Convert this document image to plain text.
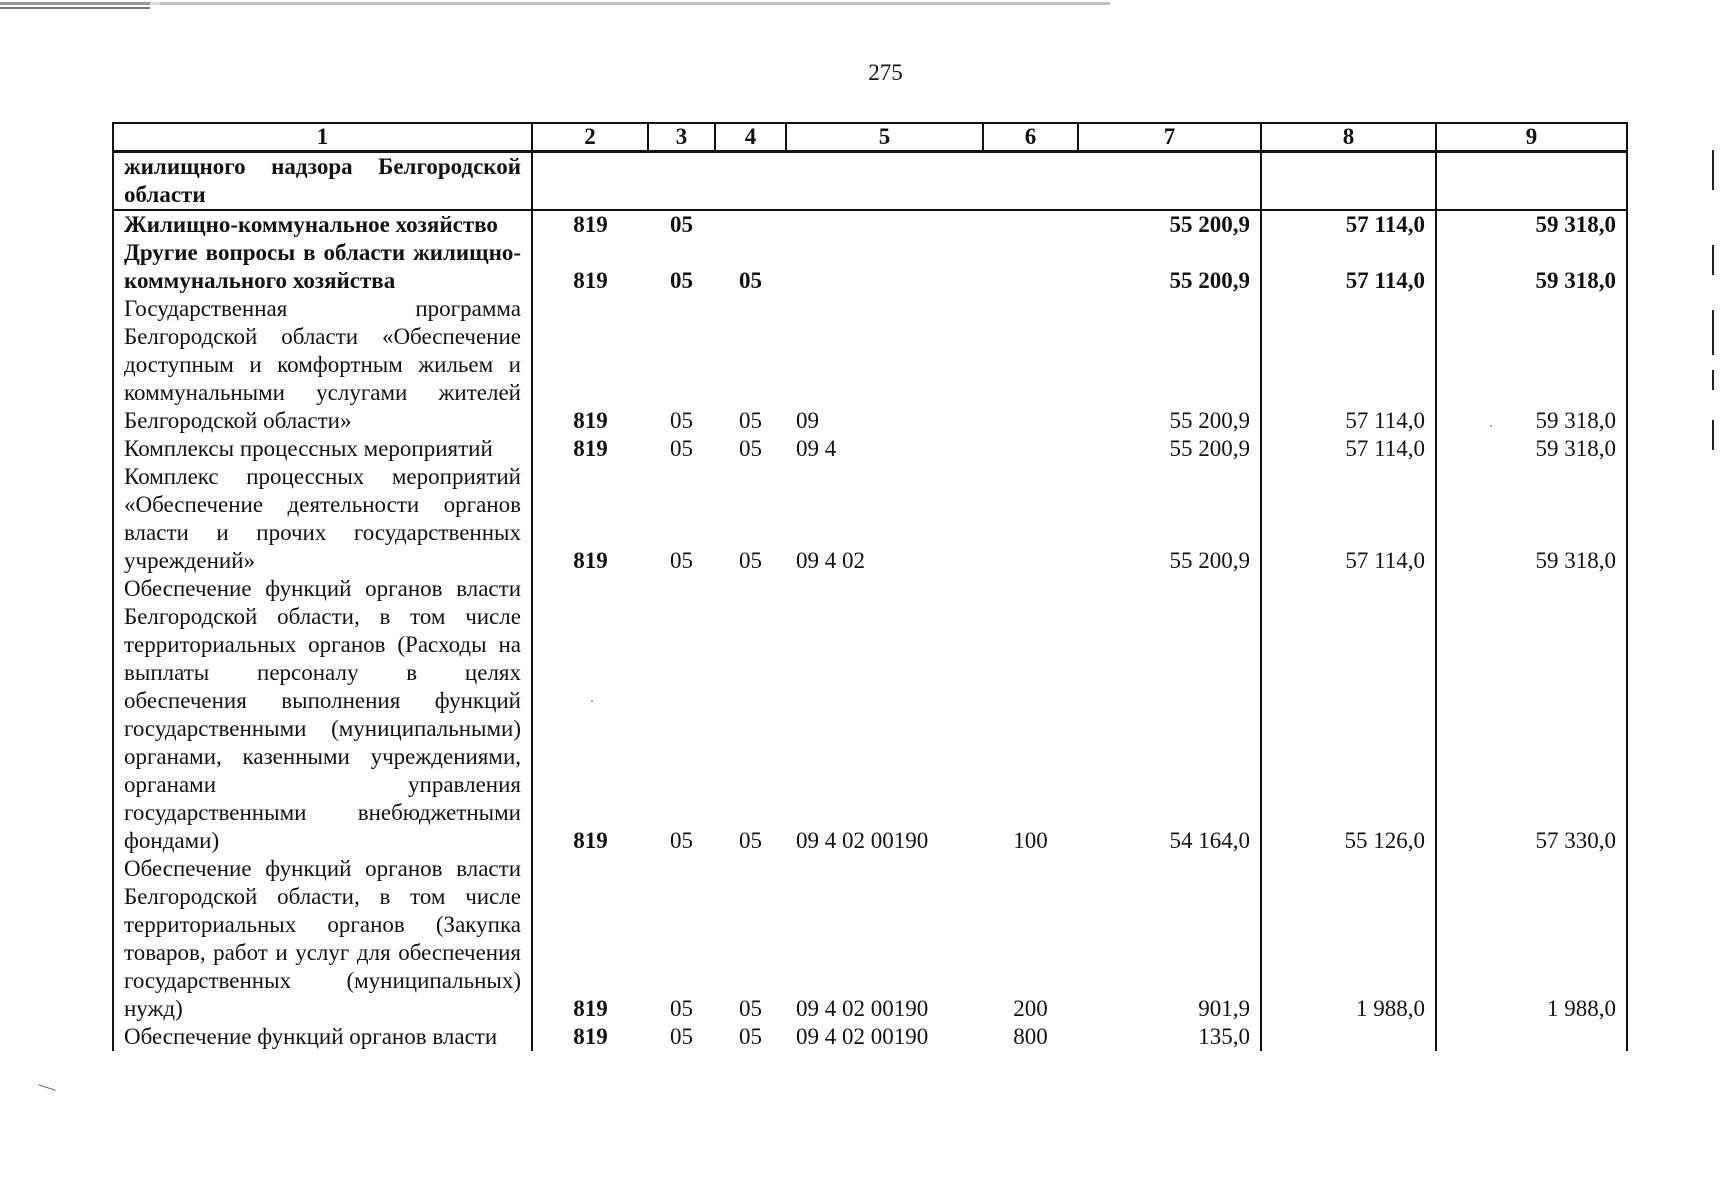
275
1	2	3	4	5	6	7	8	9
жилищного надзора Белгородской области								
Жилищно-коммунальное хозяйство	819	05				55 200,9	57 114,0	59 318,0
Другие вопросы в области жилищно-коммунального хозяйства	819	05	05			55 200,9	57 114,0	59 318,0
Государственная программа Белгородской области «Обеспечение доступным и комфортным жильем и коммунальными услугами жителей Белгородской области»	819	05	05	09		55 200,9	57 114,0	59 318,0
Комплексы процессных мероприятий	819	05	05	09 4		55 200,9	57 114,0	59 318,0
Комплекс процессных мероприятий «Обеспечение деятельности органов власти и прочих государственных учреждений»	819	05	05	09 4 02		55 200,9	57 114,0	59 318,0
Обеспечение функций органов власти Белгородской области, в том числе территориальных органов (Расходы на выплаты персоналу в целях обеспечения выполнения функций государственными (муниципальными) органами, казенными учреждениями, органами управления государственными внебюджетными фондами)	819	05	05	09 4 02 00190	100	54 164,0	55 126,0	57 330,0
Обеспечение функций органов власти Белгородской области, в том числе территориальных органов (Закупка товаров, работ и услуг для обеспечения государственных (муниципальных) нужд)	819	05	05	09 4 02 00190	200	901,9	1 988,0	1 988,0
Обеспечение функций органов власти	819	05	05	09 4 02 00190	800	135,0		
